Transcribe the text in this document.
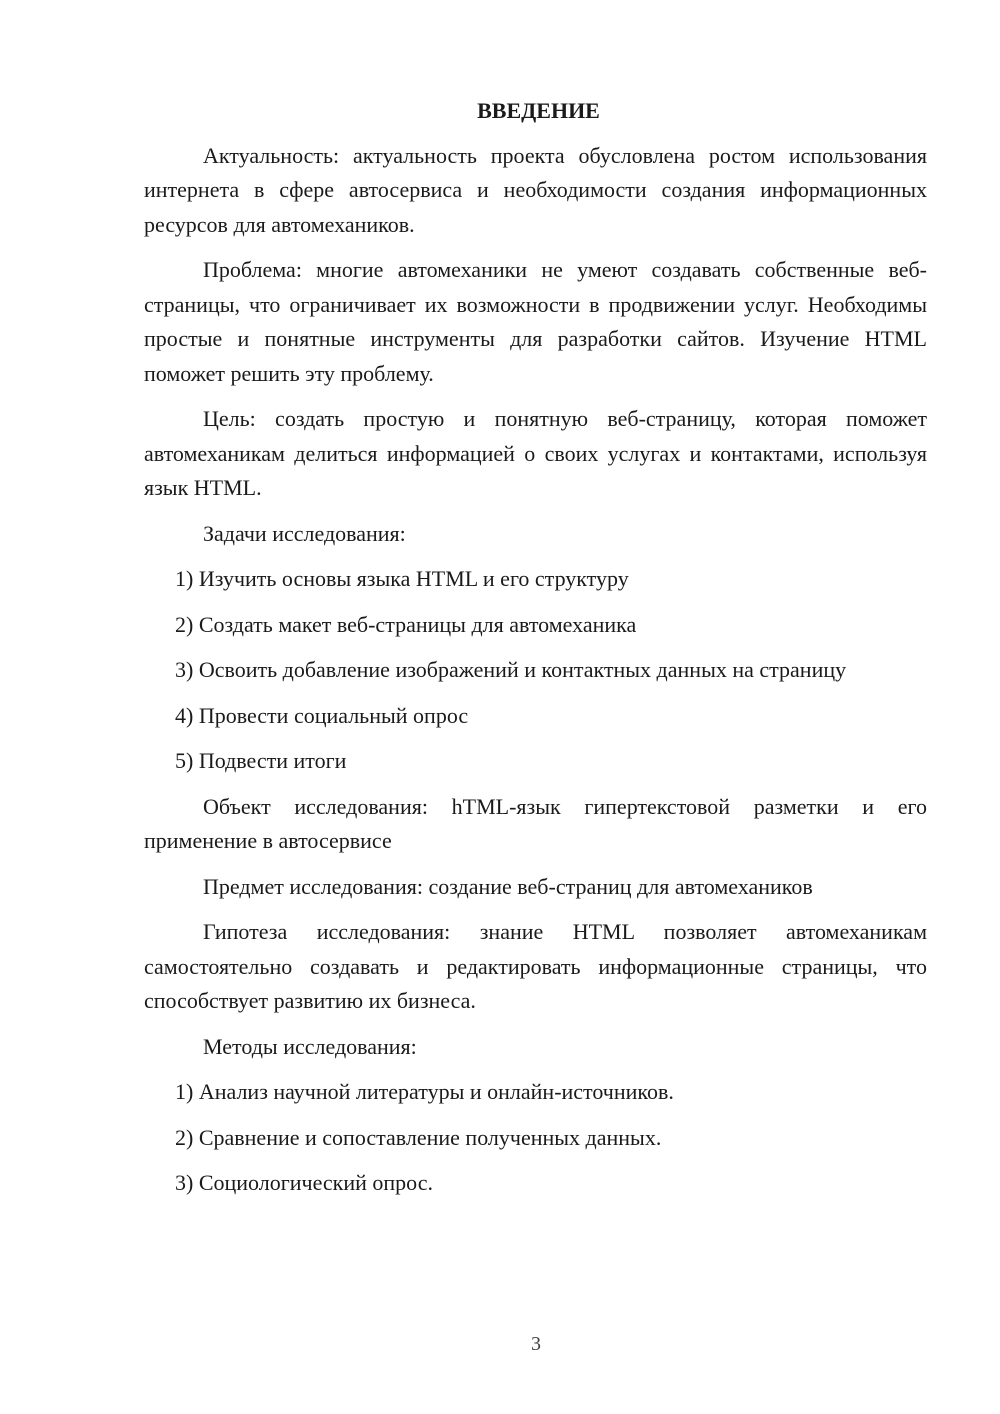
ВВЕДЕНИЕ

Актуальность: актуальность проекта обусловлена ростом использования интернета в сфере автосервиса и необходимости создания информационных ресурсов для автомехаников.

Проблема: многие автомеханики не умеют создавать собственные веб-страницы, что ограничивает их возможности в продвижении услуг. Необходимы простые и понятные инструменты для разработки сайтов. Изучение HTML поможет решить эту проблему.

Цель: создать простую и понятную веб-страницу, которая поможет автомеханикам делиться информацией о своих услугах и контактами, используя язык HTML.

Задачи исследования:

1) Изучить основы языка HTML и его структуру

2) Создать макет веб-страницы для автомеханика

3) Освоить добавление изображений и контактных данных на страницу

4) Провести социальный опрос

5) Подвести итоги

Объект исследования: hTML-язык гипертекстовой разметки и его применение в автосервисе

Предмет исследования: создание веб-страниц для автомехаников

Гипотеза исследования: знание HTML позволяет автомеханикам самостоятельно создавать и редактировать информационные страницы, что способствует развитию их бизнеса.

Методы исследования:

1) Анализ научной литературы и онлайн-источников.

2) Сравнение и сопоставление полученных данных.

3) Социологический опрос.

3
